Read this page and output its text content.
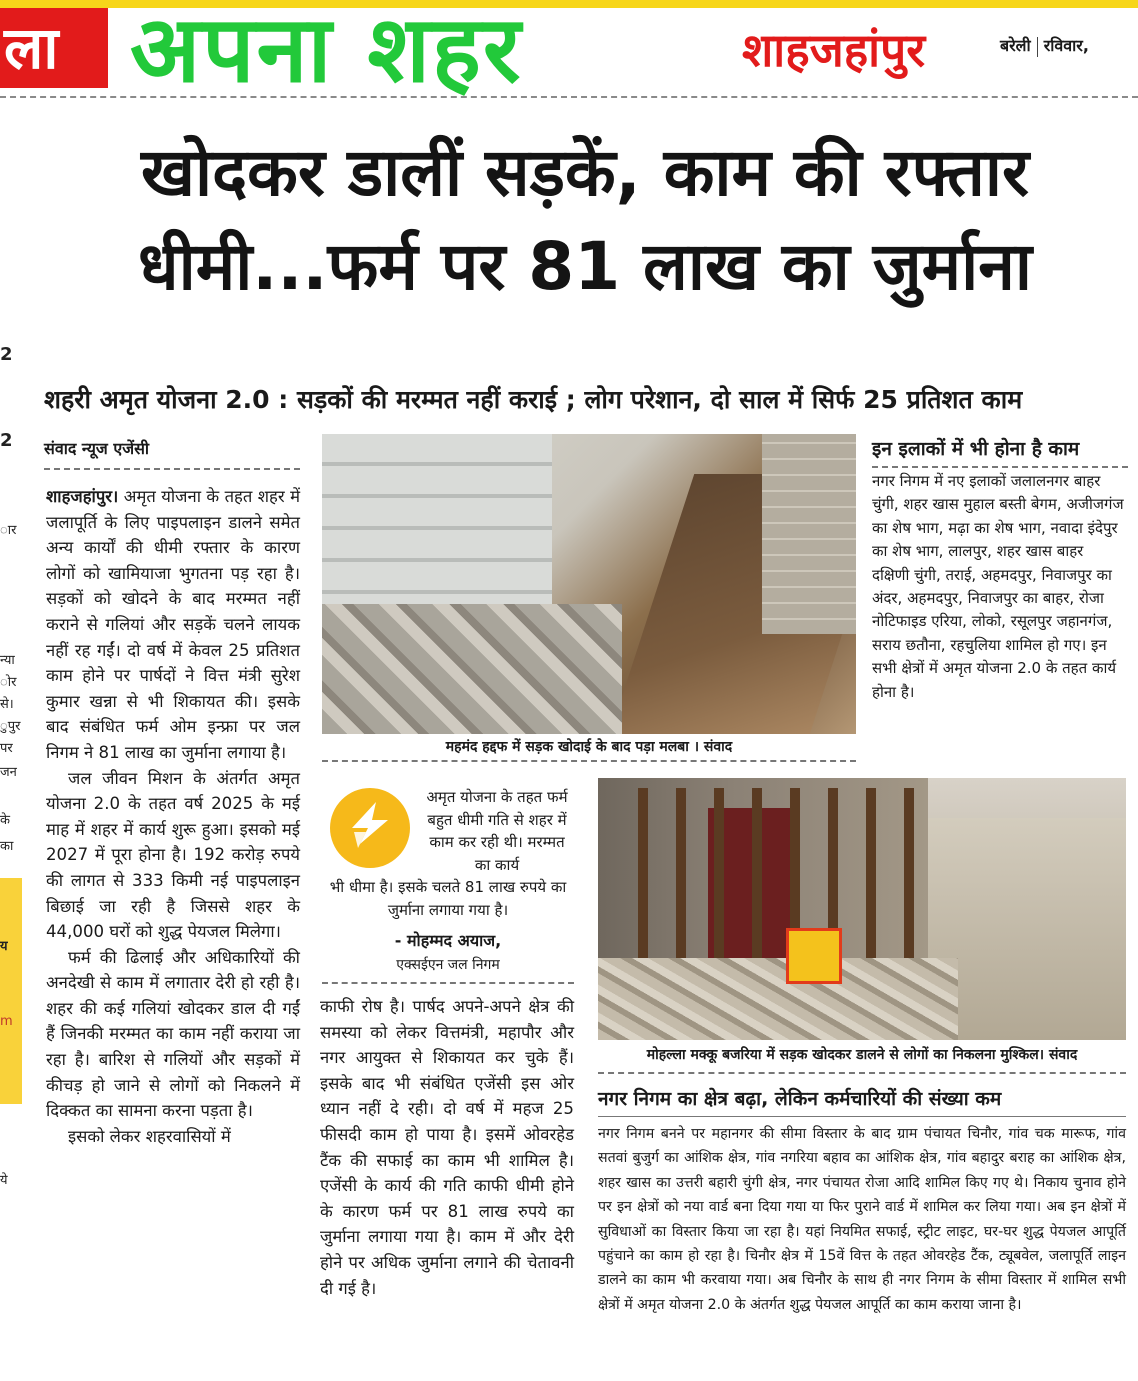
ला अपना शहर	शाहजहांपुर	बरेली रविवार,
2
2
ार
न्या
ोर
से।
ुपुर
पर
जन
के
का
य
m
ये
खोदकर डालीं सड़कें, काम की रफ्तार
धीमी...फर्म पर 81 लाख का जुर्माना
शहरी अमृत योजना 2.0 : सड़कों की मरम्मत नहीं कराई ; लोग परेशान, दो साल में सिर्फ 25 प्रतिशत काम
संवाद न्यूज एजेंसी

शाहजहांपुर। अमृत योजना के तहत शहर में जलापूर्ति के लिए पाइपलाइन डालने समेत अन्य कार्यों की धीमी रफ्तार के कारण लोगों को खामियाजा भुगतना पड़ रहा है। सड़कों को खोदने के बाद मरम्मत नहीं कराने से गलियां और सड़कें चलने लायक नहीं रह गईं। दो वर्ष में केवल 25 प्रतिशत काम होने पर पार्षदों ने वित्त मंत्री सुरेश कुमार खन्ना से भी शिकायत की। इसके बाद संबंधित फर्म ओम इन्फ्रा पर जल निगम ने 81 लाख का जुर्माना लगाया है।

जल जीवन मिशन के अंतर्गत अमृत योजना 2.0 के तहत वर्ष 2025 के मई माह में शहर में कार्य शुरू हुआ। इसको मई 2027 में पूरा होना है। 192 करोड़ रुपये की लागत से 333 किमी नई पाइपलाइन बिछाई जा रही है जिससे शहर के 44,000 घरों को शुद्ध पेयजल मिलेगा।

फर्म की ढिलाई और अधिकारियों की अनदेखी से काम में लगातार देरी हो रही है। शहर की कई गलियां खोदकर डाल दी गईं हैं जिनकी मरम्मत का काम नहीं कराया जा रहा है। बारिश से गलियों और सड़कों में कीचड़ हो जाने से लोगों को निकलने में दिक्कत का सामना करना पड़ता है।

इसको लेकर शहरवासियों में

महमंद हद्दफ में सड़क खोदाई के बाद पड़ा मलबा । संवाद
अमृत योजना के तहत फर्म बहुत धीमी गति से शहर में काम कर रही थी। मरम्मत का कार्य
भी धीमा है। इसके चलते 81 लाख रुपये का जुर्माना लगाया गया है।
- मोहम्मद अयाज,
एक्सईएन जल निगम

काफी रोष है। पार्षद अपने-अपने क्षेत्र की समस्या को लेकर वित्तमंत्री, महापौर और नगर आयुक्त से शिकायत कर चुके हैं। इसके बाद भी संबंधित एजेंसी इस ओर ध्यान नहीं दे रही। दो वर्ष में महज 25 फीसदी काम हो पाया है। इसमें ओवरहेड टैंक की सफाई का काम भी शामिल है। एजेंसी के कार्य की गति काफी धीमी होने के कारण फर्म पर 81 लाख रुपये का जुर्माना लगाया गया है। काम में और देरी होने पर अधिक जुर्माना लगाने की चेतावनी दी गई है।

इन इलाकों में भी होना है काम
नगर निगम में नए इलाकों जलालनगर बाहर चुंगी, शहर खास मुहाल बस्ती बेगम, अजीजगंज का शेष भाग, मढ़ा का शेष भाग, नवादा इंदेपुर का शेष भाग, लालपुर, शहर खास बाहर दक्षिणी चुंगी, तराई, अहमदपुर, निवाजपुर का अंदर, अहमदपुर, निवाजपुर का बाहर, रोजा नोटिफाइड एरिया, लोको, रसूलपुर जहानगंज, सराय छतौना, रहचुलिया शामिल हो गए। इन सभी क्षेत्रों में अमृत योजना 2.0 के तहत कार्य होना है।
मोहल्ला मक्कू बजरिया में सड़क खोदकर डालने से लोगों का निकलना मुश्किल। संवाद
नगर निगम का क्षेत्र बढ़ा, लेकिन कर्मचारियों की संख्या कम
नगर निगम बनने पर महानगर की सीमा विस्तार के बाद ग्राम पंचायत चिनौर, गांव चक मारूफ, गांव सतवां बुजुर्ग का आंशिक क्षेत्र, गांव नगरिया बहाव का आंशिक क्षेत्र, गांव बहादुर बराह का आंशिक क्षेत्र, शहर खास का उत्तरी बहारी चुंगी क्षेत्र, नगर पंचायत रोजा आदि शामिल किए गए थे। निकाय चुनाव होने पर इन क्षेत्रों को नया वार्ड बना दिया गया या फिर पुराने वार्ड में शामिल कर लिया गया। अब इन क्षेत्रों में सुविधाओं का विस्तार किया जा रहा है। यहां नियमित सफाई, स्ट्रीट लाइट, घर-घर शुद्ध पेयजल आपूर्ति पहुंचाने का काम हो रहा है। चिनौर क्षेत्र में 15वें वित्त के तहत ओवरहेड टैंक, ट्यूबवेल, जलापूर्ति लाइन डालने का काम भी करवाया गया। अब चिनौर के साथ ही नगर निगम के सीमा विस्तार में शामिल सभी क्षेत्रों में अमृत योजना 2.0 के अंतर्गत शुद्ध पेयजल आपूर्ति का काम कराया जाना है।
